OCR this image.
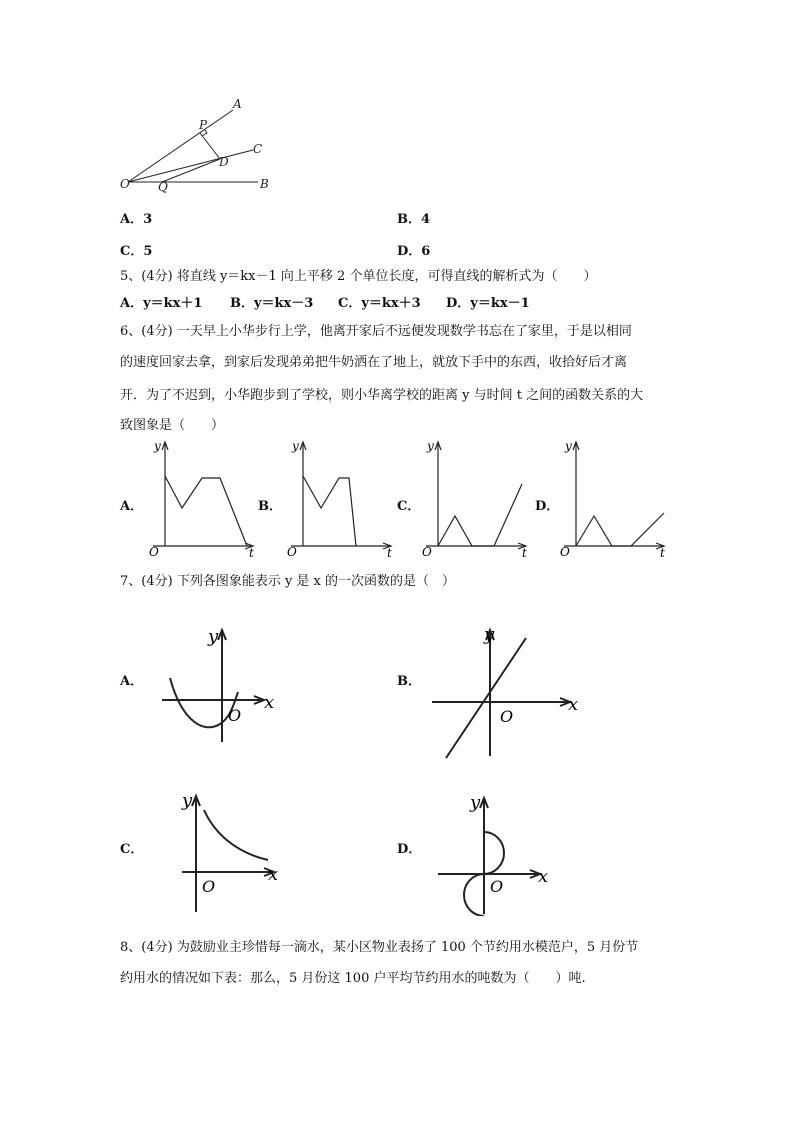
A
P
C
D
O Q	B
A．3	B．4
C．5	D．6
5、(4分) 将直线 y＝kx－1 向上平移 2 个单位长度，可得直线的解析式为（　　）
A．y＝kx＋1 B．y＝kx－3 C．y＝kx＋3 D．y＝kx－1
6、(4分) 一天早上小华步行上学，他离开家后不远便发现数学书忘在了家里，于是以相同
的速度回家去拿，到家后发现弟弟把牛奶洒在了地上，就放下手中的东西，收拾好后才离
开．为了不迟到，小华跑步到了学校，则小华离学校的距离 y 与时间 t 之间的函数关系的大
致图象是（　　）
A．	B．	C．	D．
y
t
O
y
t
O
y
t
O
y
t
O
7、(4分) 下列各图象能表示 y 是 x 的一次函数的是（　）
A．	B．
C．	D．
y
x
O
y
x
O
y
x
O
y
x
O
8、(4分) 为鼓励业主珍惜每一滴水，某小区物业表扬了 100 个节约用水模范户，5 月份节
约用水的情况如下表：那么，5 月份这 100 户平均节约用水的吨数为（　　）吨.
